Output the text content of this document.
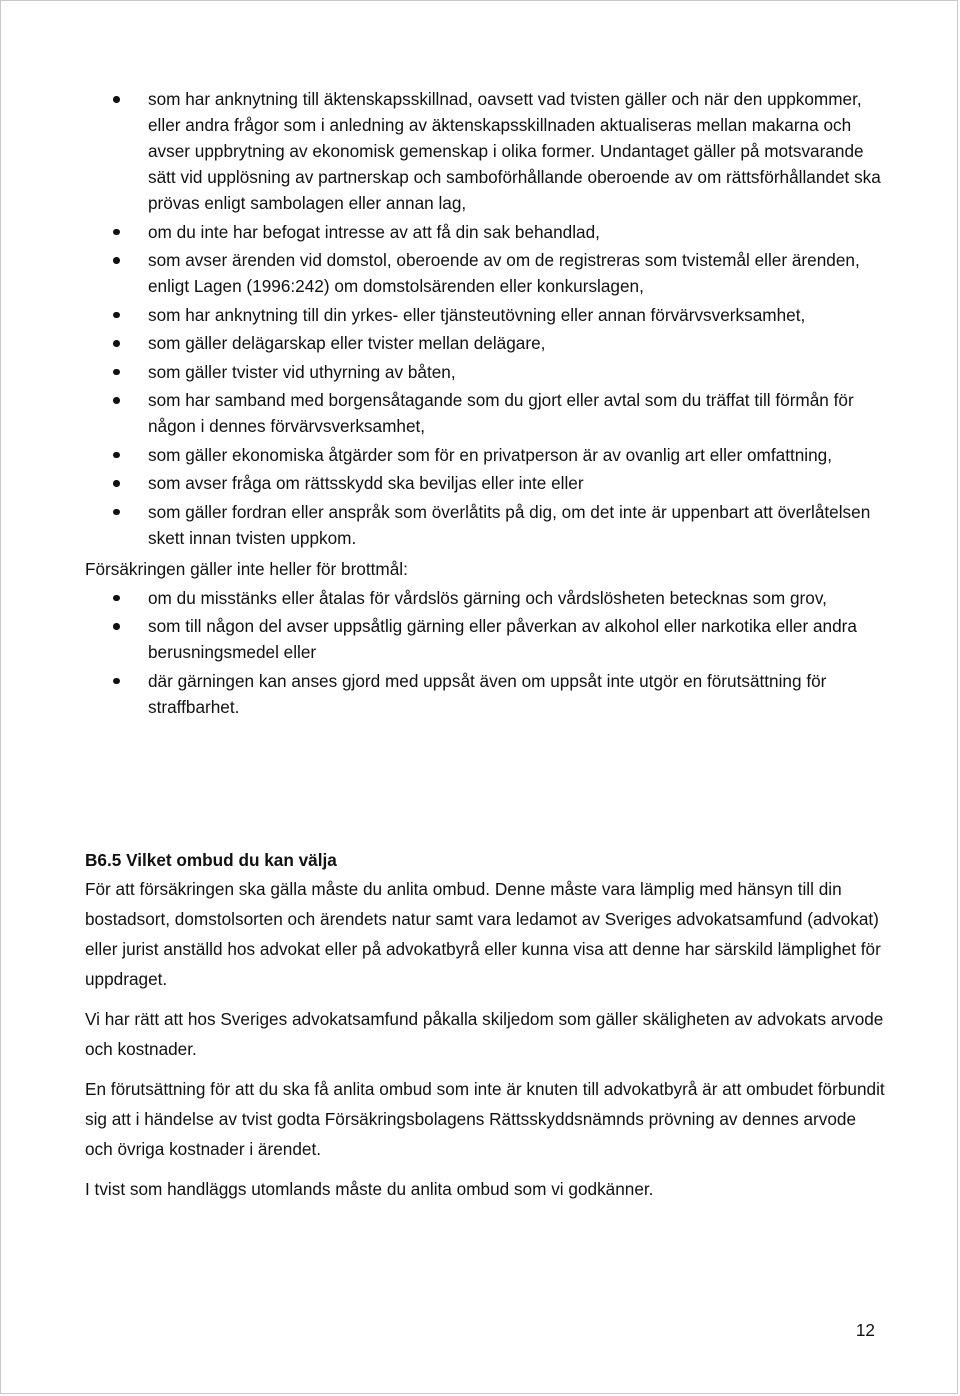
som har anknytning till äktenskapsskillnad, oavsett vad tvisten gäller och när den uppkommer, eller andra frågor som i anledning av äktenskapsskillnaden aktualiseras mellan makarna och avser uppbrytning av ekonomisk gemenskap i olika former. Undantaget gäller på motsvarande sätt vid upplösning av partnerskap och samboförhållande oberoende av om rättsförhållandet ska prövas enligt sambolagen eller annan lag,
om du inte har befogat intresse av att få din sak behandlad,
som avser ärenden vid domstol, oberoende av om de registreras som tvistemål eller ärenden, enligt Lagen (1996:242) om domstolsärenden eller konkurslagen,
som har anknytning till din yrkes- eller tjänsteutövning eller annan förvärvsverksamhet,
som gäller delägarskap eller tvister mellan delägare,
som gäller tvister vid uthyrning av båten,
som har samband med borgensåtagande som du gjort eller avtal som du träffat till förmån för någon i dennes förvärvsverksamhet,
som gäller ekonomiska åtgärder som för en privatperson är av ovanlig art eller omfattning,
som avser fråga om rättsskydd ska beviljas eller inte eller
som gäller fordran eller anspråk som överlåtits på dig, om det inte är uppenbart att överlåtelsen skett innan tvisten uppkom.

Försäkringen gäller inte heller för brottmål:

om du misstänks eller åtalas för vårdslös gärning och vårdslösheten betecknas som grov,
som till någon del avser uppsåtlig gärning eller påverkan av alkohol eller narkotika eller andra berusningsmedel eller
där gärningen kan anses gjord med uppsåt även om uppsåt inte utgör en förutsättning för straffbarhet.
B6.5 Vilket ombud du kan välja

För att försäkringen ska gälla måste du anlita ombud. Denne måste vara lämplig med hänsyn till din bostadsort, domstolsorten och ärendets natur samt vara ledamot av Sveriges advokatsamfund (advokat) eller jurist anställd hos advokat eller på advokatbyrå eller kunna visa att denne har särskild lämplighet för uppdraget.

Vi har rätt att hos Sveriges advokatsamfund påkalla skiljedom som gäller skäligheten av advokats arvode och kostnader.

En förutsättning för att du ska få anlita ombud som inte är knuten till advokatbyrå är att ombudet förbundit sig att i händelse av tvist godta Försäkringsbolagens Rättsskyddsnämnds prövning av dennes arvode och övriga kostnader i ärendet.

I tvist som handläggs utomlands måste du anlita ombud som vi godkänner.

12
